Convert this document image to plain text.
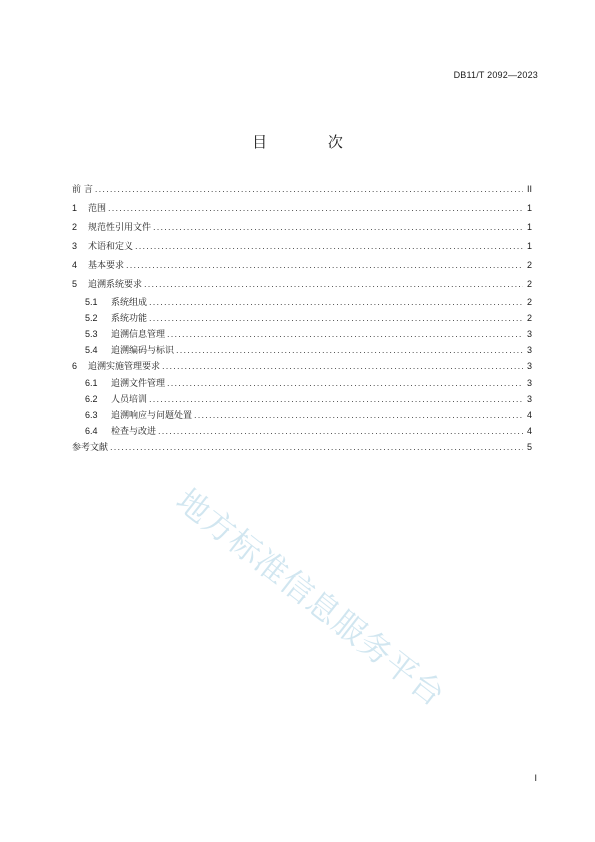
DB11/T 2092—2023
目 次
前 言 .....	II
1	范围 .....	1
2	规范性引用文件 .....	1
3	术语和定义 .....	1
4	基本要求 .....	2
5	追溯系统要求 .....	2
5.1	系统组成 .....	2
5.2	系统功能 .....	2
5.3	追溯信息管理 .....	3
5.4	追溯编码与标识 .....	3
6	追溯实施管理要求 .....	3
6.1	追溯文件管理 .....	3
6.2	人员培训 .....	3
6.3	追溯响应与问题处置 .....	4
6.4	检查与改进 .....	4
参考文献 .....	5
I
地方标准信息服务平台
